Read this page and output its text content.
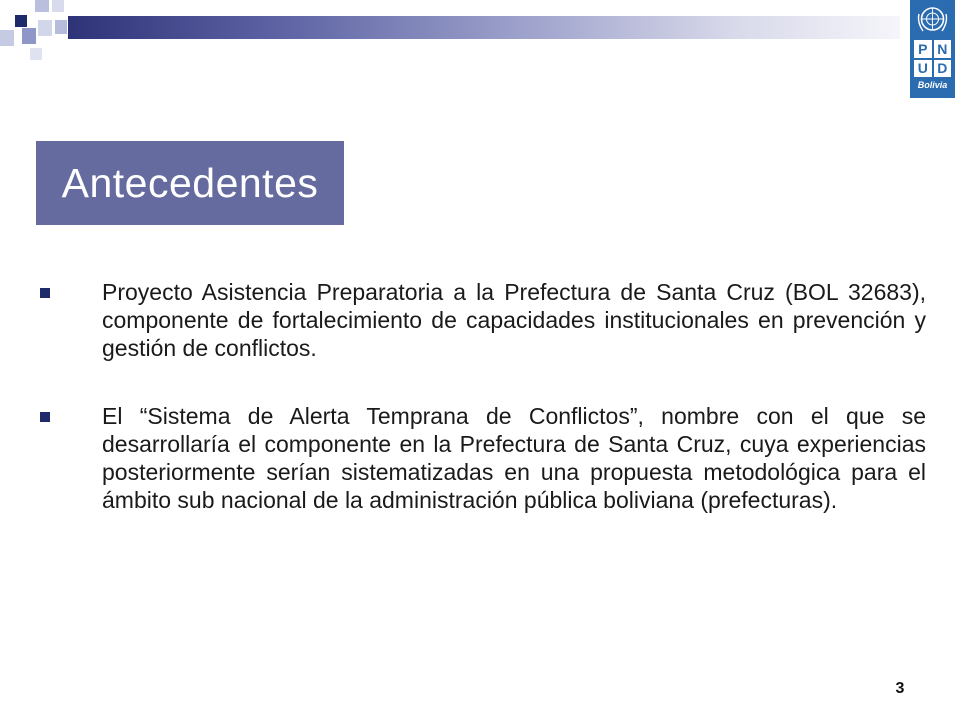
P N
U D
Bolivia
Antecedentes
Proyecto Asistencia Preparatoria a la Prefectura de Santa Cruz (BOL 32683), componente de fortalecimiento de capacidades institucionales en prevención y gestión de conflictos.
El “Sistema de Alerta Temprana de Conflictos”, nombre con el que se desarrollaría el componente en la Prefectura de Santa Cruz, cuya experiencias posteriormente serían sistematizadas en una propuesta metodológica para el ámbito sub nacional de la administración pública boliviana (prefecturas).
3
